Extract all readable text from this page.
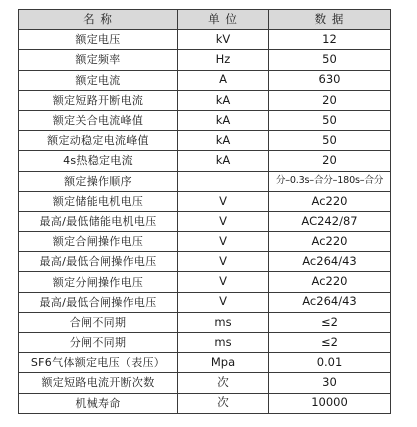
名 称	单 位	数 据
额定电压	kV	12
额定频率	Hz	50
额定电流	A	630
额定短路开断电流	kA	20
额定关合电流峰值	kA	50
额定动稳定电流峰值	kA	50
4s热稳定电流	kA	20
额定操作顺序		分–0.3s–合分–180s–合分
额定储能电机电压	V	Ac220
最高/最低储能电机电压	V	AC242/87
额定合闸操作电压	V	Ac220
最高/最低合闸操作电压	V	Ac264/43
额定分闸操作电压	V	Ac220
最高/最低合闸操作电压	V	Ac264/43
合闸不同期	ms	≤2
分闸不同期	ms	≤2
SF6气体额定电压（表压）	Mpa	0.01
额定短路电流开断次数	次	30
机械寿命	次	10000
